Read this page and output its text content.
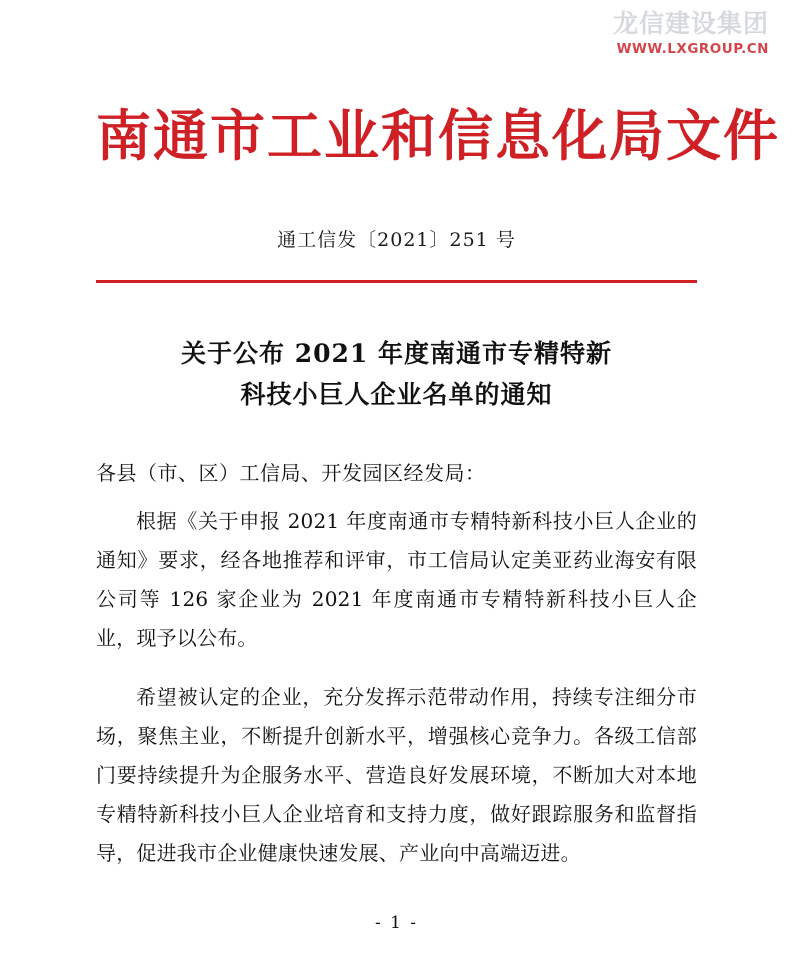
龙信建设集团
WWW.LXGROUP.CN
南通市工业和信息化局文件
通工信发〔2021〕251 号
关于公布 2021 年度南通市专精特新
科技小巨人企业名单的通知
各县（市、区）工信局、开发园区经发局：

根据《关于申报 2021 年度南通市专精特新科技小巨人企业的通知》要求，经各地推荐和评审，市工信局认定美亚药业海安有限公司等 126 家企业为 2021 年度南通市专精特新科技小巨人企业，现予以公布。

希望被认定的企业，充分发挥示范带动作用，持续专注细分市场，聚焦主业，不断提升创新水平，增强核心竞争力。各级工信部门要持续提升为企服务水平、营造良好发展环境，不断加大对本地专精特新科技小巨人企业培育和支持力度，做好跟踪服务和监督指导，促进我市企业健康快速发展、产业向中高端迈进。

- 1 -
